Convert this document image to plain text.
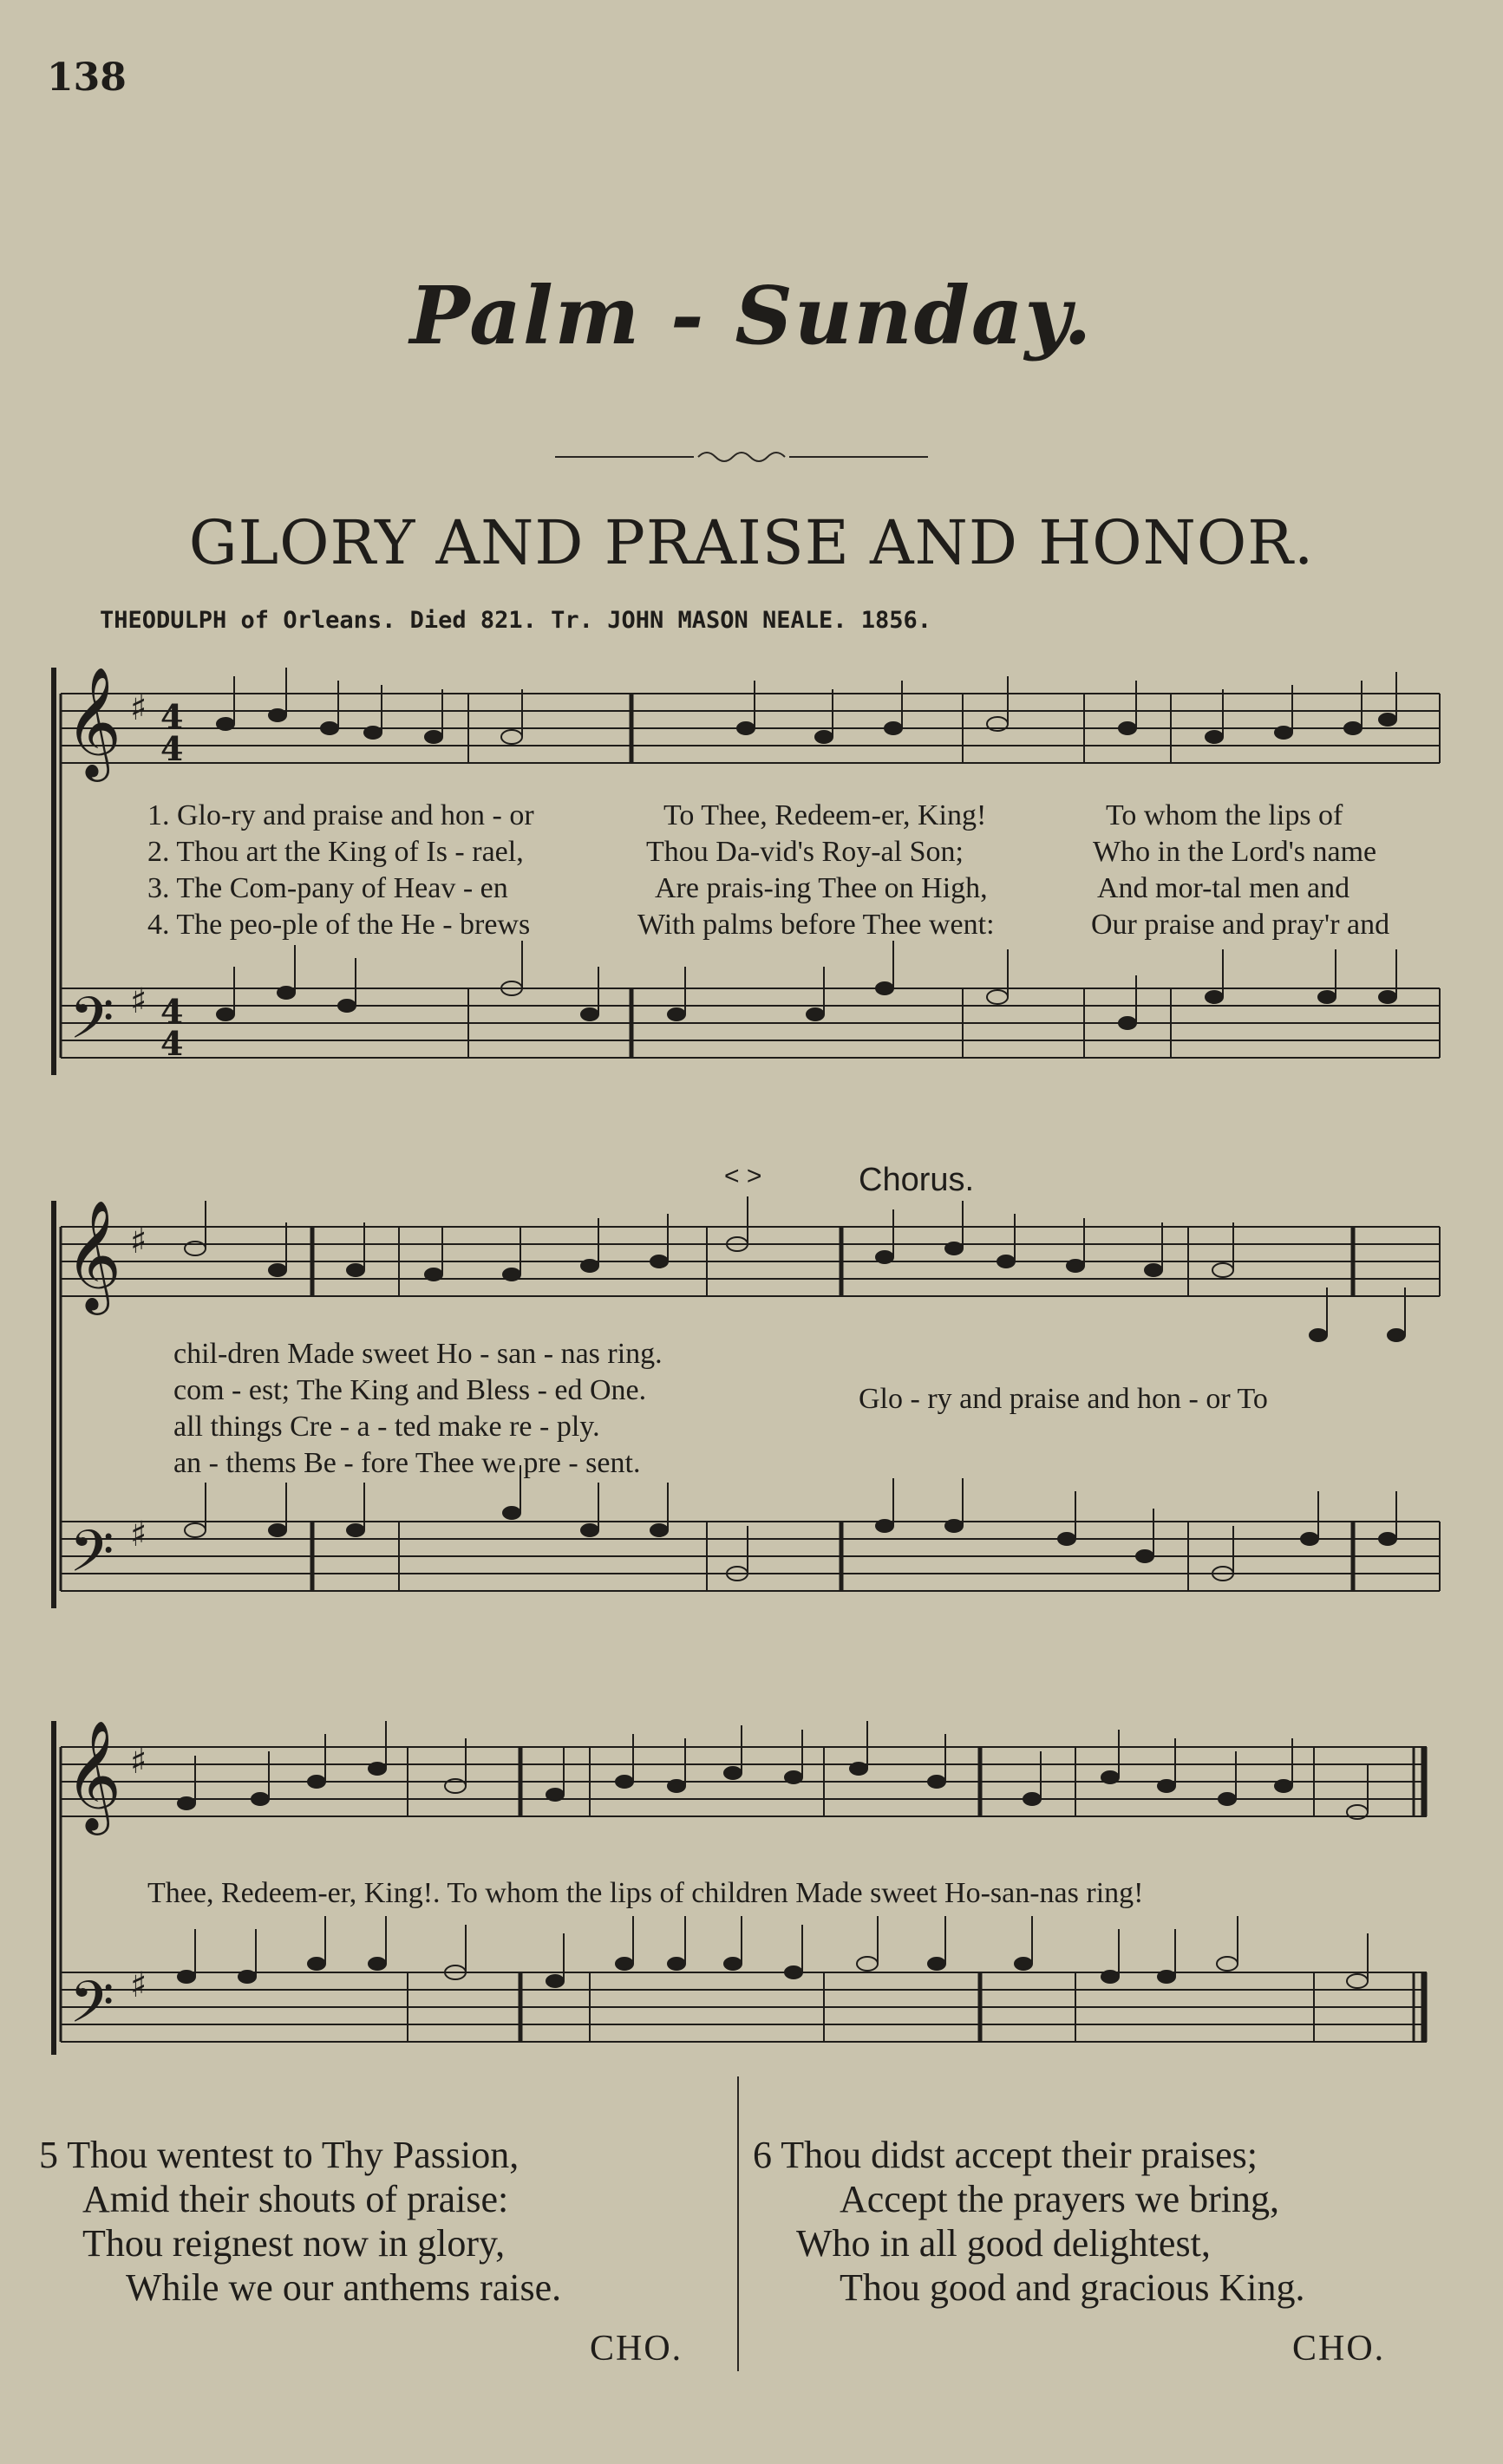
138
Palm - Sunday.
GLORY AND PRAISE AND HONOR.
THEODULPH of Orleans. Died 821. Tr. JOHN MASON NEALE. 1856.
𝄞
𝄢
♯ 4
4
♯ 4
4
1. Glo-ry and praise and hon - or	To Thee, Redeem-er, King!	To whom the lips of
2. Thou art the King of Is - rael,	Thou Da-vid's Roy-al Son;	Who in the Lord's name
3. The Com-pany of Heav - en	Are prais-ing Thee on High,	And mor-tal men and
4. The peo-ple of the He - brews	With palms before Thee went:	Our praise and pray'r and
𝄞
𝄢
♯
♯
< >	Chorus.
chil-dren Made sweet Ho - san - nas ring.
com - est; The King and Bless - ed One.
all things Cre - a - ted make re - ply.
an - thems Be - fore Thee we pre - sent.
Glo - ry and praise and hon - or To
𝄞
𝄢
♯
♯
Thee, Redeem-er, King!. To whom the lips of children Made sweet Ho-san-nas ring!
5 Thou wentest to Thy Passion,
Amid their shouts of praise:
Thou reignest now in glory,
While we our anthems raise.
CHO.
6 Thou didst accept their praises;
Accept the prayers we bring,
Who in all good delightest,
Thou good and gracious King.
CHO.
